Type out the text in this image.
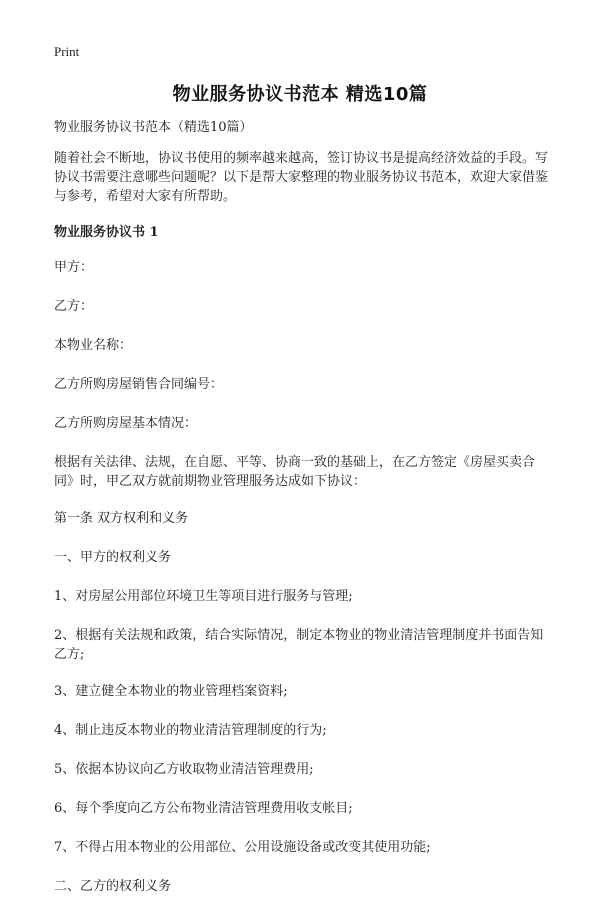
Print
物业服务协议书范本 精选10篇

物业服务协议书范本（精选10篇）

随着社会不断地，协议书使用的频率越来越高，签订协议书是提高经济效益的手段。写协议书需要注意哪些问题呢？以下是帮大家整理的物业服务协议书范本，欢迎大家借鉴与参考，希望对大家有所帮助。

物业服务协议书 1

甲方：

乙方：

本物业名称：

乙方所购房屋销售合同编号：

乙方所购房屋基本情况：

根据有关法律、法规，在自愿、平等、协商一致的基础上，在乙方签定《房屋买卖合同》时，甲乙双方就前期物业管理服务达成如下协议：

第一条 双方权利和义务

一、甲方的权利义务

1、对房屋公用部位环境卫生等项目进行服务与管理;

2、根据有关法规和政策，结合实际情况，制定本物业的物业清洁管理制度并书面告知乙方;

3、建立健全本物业的物业管理档案资料;

4、制止违反本物业的物业清洁管理制度的行为;

5、依据本协议向乙方收取物业清洁管理费用;

6、每个季度向乙方公布物业清洁管理费用收支帐目;

7、不得占用本物业的公用部位、公用设施设备或改变其使用功能;

二、乙方的权利义务
